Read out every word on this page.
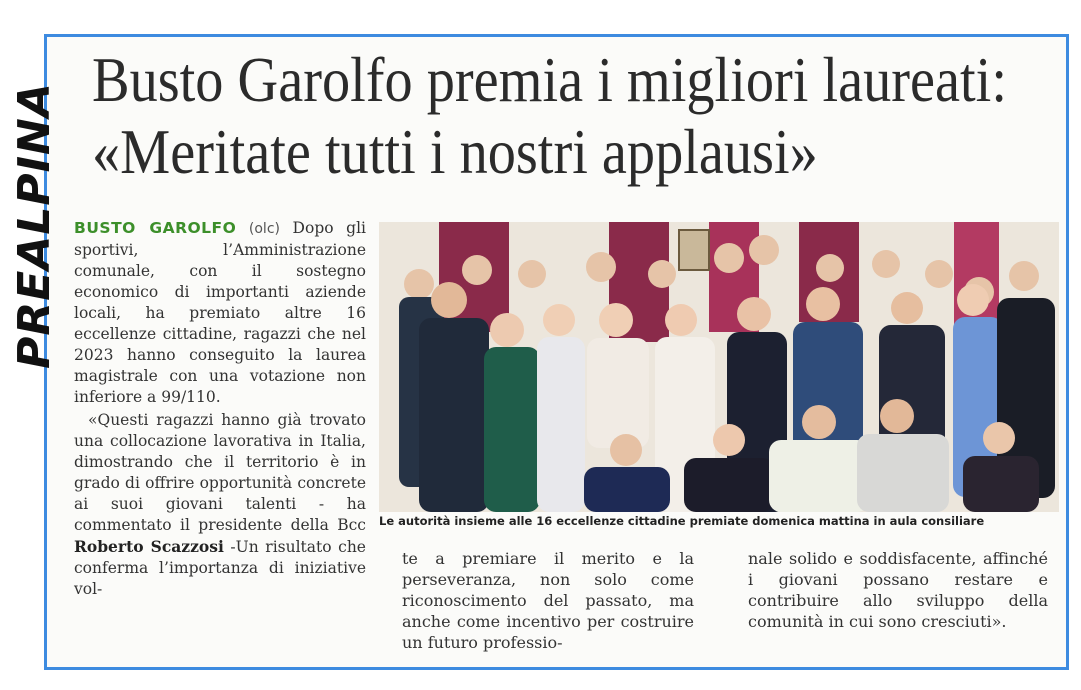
PREALPINA
Busto Garolfo premia i migliori laureati:
«Meritate tutti i nostri applausi»

BUSTO GAROLFO (olc) Dopo gli sportivi, l’Amministrazione comunale, con il sostegno economico di importanti aziende locali, ha premiato altre 16 eccellenze cittadine, ragazzi che nel 2023 hanno conseguito la laurea magistrale con una votazione non inferiore a 99/110.

«Questi ragazzi hanno già trovato una collocazione lavorativa in Italia, dimostrando che il territorio è in grado di offrire opportunità concrete ai suoi giovani talenti - ha commentato il presidente della Bcc Roberto Scazzosi -Un risultato che conferma l’importanza di iniziative vol-

Le autorità insieme alle 16 eccellenze cittadine premiate domenica mattina in aula consiliare

te a premiare il merito e la perseveranza, non solo come riconoscimento del passato, ma anche come incentivo per costruire un futuro professio-

nale solido e soddisfacente, affinché i giovani possano restare e contribuire allo sviluppo della comunità in cui sono cresciuti».
